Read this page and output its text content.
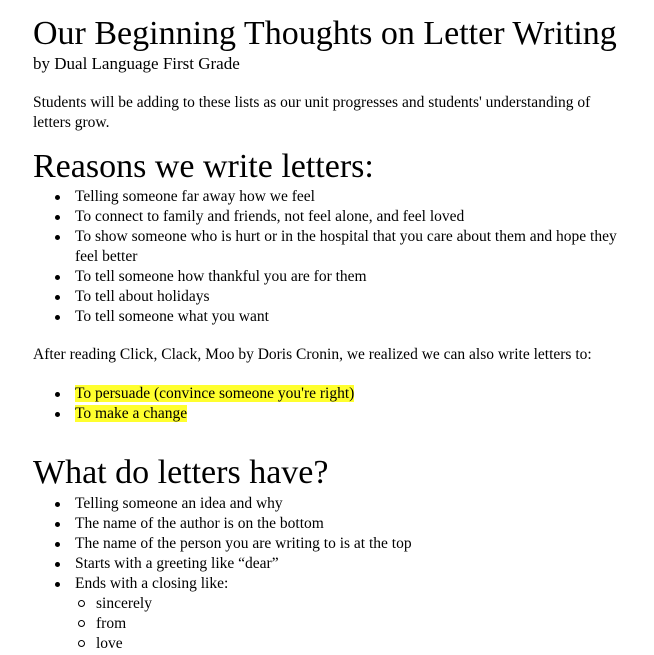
Our Beginning Thoughts on Letter Writing

by Dual Language First Grade

Students will be adding to these lists as our unit progresses and students' understanding of letters grow.

Reasons we write letters:
Telling someone far away how we feel
To connect to family and friends, not feel alone, and feel loved
To show someone who is hurt or in the hospital that you care about them and hope they feel better
To tell someone how thankful you are for them
To tell about holidays
To tell someone what you want

After reading Click, Clack, Moo by Doris Cronin, we realized we can also write letters to:

To persuade (convince someone you're right)
To make a change
What do letters have?
Telling someone an idea and why
The name of the author is on the bottom
The name of the person you are writing to is at the top
Starts with a greeting like “dear”
Ends with a closing like:
sincerely
from
love
